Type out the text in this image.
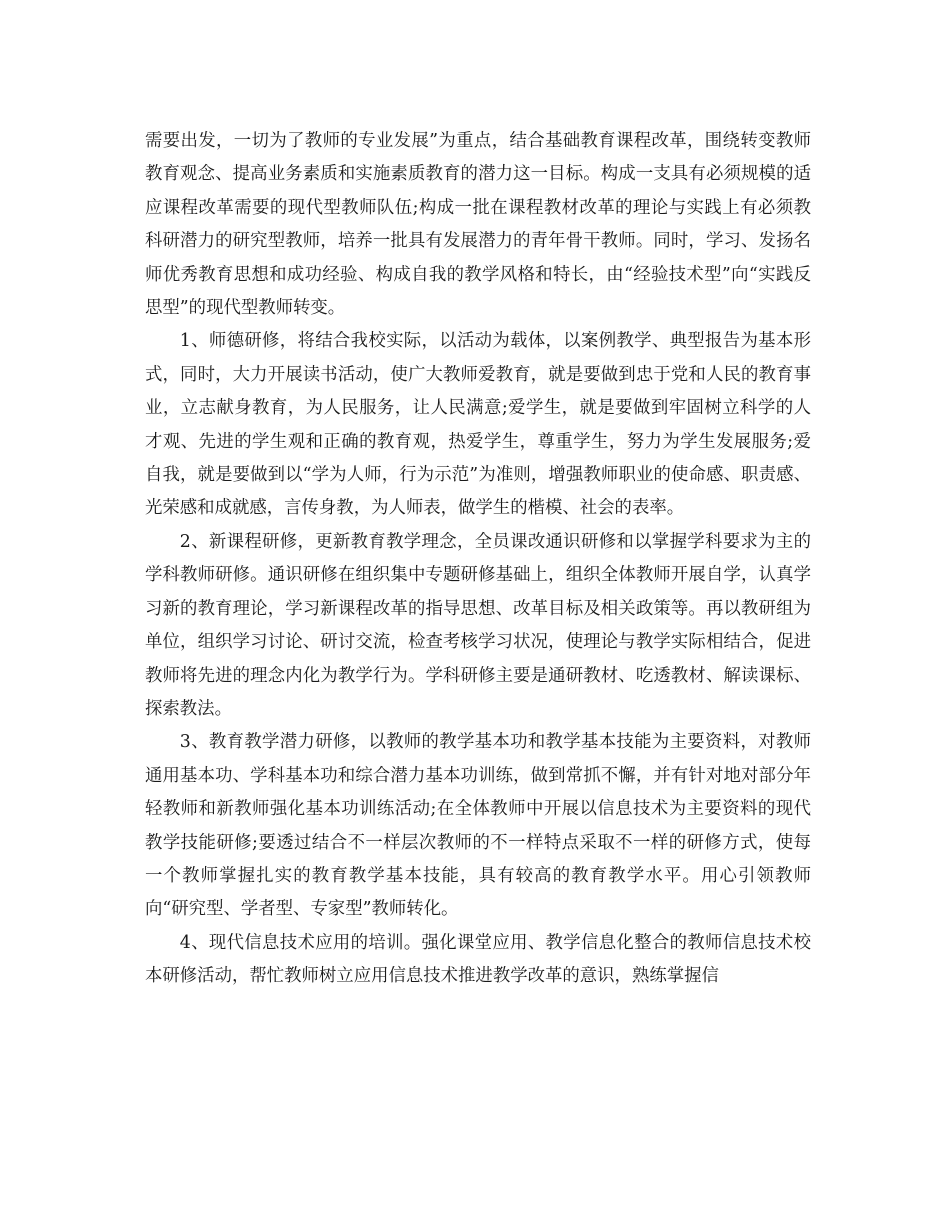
需要出发，一切为了教师的专业发展”为重点，结合基础教育课程改革，围绕转变教师教育观念、提高业务素质和实施素质教育的潜力这一目标。构成一支具有必须规模的适应课程改革需要的现代型教师队伍;构成一批在课程教材改革的理论与实践上有必须教科研潜力的研究型教师，培养一批具有发展潜力的青年骨干教师。同时，学习、发扬名师优秀教育思想和成功经验、构成自我的教学风格和特长，由“经验技术型”向“实践反思型”的现代型教师转变。

1、师德研修，将结合我校实际，以活动为载体，以案例教学、典型报告为基本形式，同时，大力开展读书活动，使广大教师爱教育，就是要做到忠于党和人民的教育事业，立志献身教育，为人民服务，让人民满意;爱学生，就是要做到牢固树立科学的人才观、先进的学生观和正确的教育观，热爱学生，尊重学生，努力为学生发展服务;爱自我，就是要做到以“学为人师，行为示范”为准则，增强教师职业的使命感、职责感、光荣感和成就感，言传身教，为人师表，做学生的楷模、社会的表率。

2、新课程研修，更新教育教学理念，全员课改通识研修和以掌握学科要求为主的学科教师研修。通识研修在组织集中专题研修基础上，组织全体教师开展自学，认真学习新的教育理论，学习新课程改革的指导思想、改革目标及相关政策等。再以教研组为单位，组织学习讨论、研讨交流，检查考核学习状况，使理论与教学实际相结合，促进教师将先进的理念内化为教学行为。学科研修主要是通研教材、吃透教材、解读课标、探索教法。

3、教育教学潜力研修，以教师的教学基本功和教学基本技能为主要资料，对教师通用基本功、学科基本功和综合潜力基本功训练，做到常抓不懈，并有针对地对部分年轻教师和新教师强化基本功训练活动;在全体教师中开展以信息技术为主要资料的现代教学技能研修;要透过结合不一样层次教师的不一样特点采取不一样的研修方式，使每一个教师掌握扎实的教育教学基本技能，具有较高的教育教学水平。用心引领教师向“研究型、学者型、专家型”教师转化。

4、现代信息技术应用的培训。强化课堂应用、教学信息化整合的教师信息技术校本研修活动，帮忙教师树立应用信息技术推进教学改革的意识，熟练掌握信
